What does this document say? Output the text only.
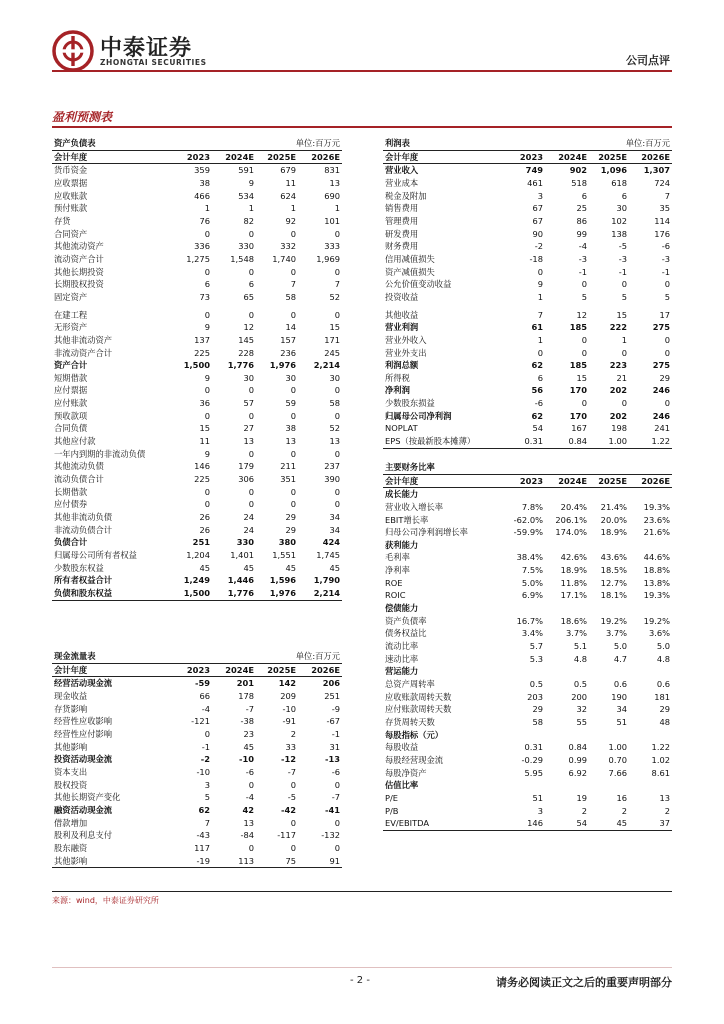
中泰证券
ZHONGTAI SECURITIES	公司点评
盈利预测表
资产负债表			单位:百万元	
会计年度	2023	2024E	2025E	2026E
货币资金	359	591	679	831
应收票据	38	9	11	13
应收账款	466	534	624	690
预付账款	1	1	1	1
存货	76	82	92	101
合同资产	0	0	0	0
其他流动资产	336	330	332	333
流动资产合计	1,275	1,548	1,740	1,969
其他长期投资	0	0	0	0
长期股权投资	6	6	7	7
固定资产	73	65	58	52

在建工程	0	0	0	0
无形资产	9	12	14	15
其他非流动资产	137	145	157	171
非流动资产合计	225	228	236	245
资产合计	1,500	1,776	1,976	2,214
短期借款	9	30	30	30
应付票据	0	0	0	0
应付账款	36	57	59	58
预收款项	0	0	0	0
合同负债	15	27	38	52
其他应付款	11	13	13	13
一年内到期的非流动负债	9	0	0	0
其他流动负债	146	179	211	237
流动负债合计	225	306	351	390
长期借款	0	0	0	0
应付债券	0	0	0	0
其他非流动负债	26	24	29	34
非流动负债合计	26	24	29	34
负债合计	251	330	380	424
归属母公司所有者权益	1,204	1,401	1,551	1,745
少数股东权益	45	45	45	45
所有者权益合计	1,249	1,446	1,596	1,790
负债和股东权益	1,500	1,776	1,976	2,214
利润表			单位:百万元	
会计年度	2023	2024E	2025E	2026E
营业收入	749	902	1,096	1,307
营业成本	461	518	618	724
税金及附加	3	6	6	7
销售费用	67	25	30	35
管理费用	67	86	102	114
研发费用	90	99	138	176
财务费用	-2	-4	-5	-6
信用减值损失	-18	-3	-3	-3
资产减值损失	0	-1	-1	-1
公允价值变动收益	9	0	0	0
投资收益	1	5	5	5

其他收益	7	12	15	17
营业利润	61	185	222	275
营业外收入	1	0	1	0
营业外支出	0	0	0	0
利润总额	62	185	223	275
所得税	6	15	21	29
净利润	56	170	202	246
少数股东损益	-6	0	0	0
归属母公司净利润	62	170	202	246
NOPLAT	54	167	198	241
EPS（按最新股本摊薄）	0.31	0.84	1.00	1.22

主要财务比率				
会计年度	2023	2024E	2025E	2026E
成长能力				
营业收入增长率	7.8%	20.4%	21.4%	19.3%
EBIT增长率	-62.0%	206.1%	20.0%	23.6%
归母公司净利润增长率	-59.9%	174.0%	18.9%	21.6%
获利能力				
毛利率	38.4%	42.6%	43.6%	44.6%
净利率	7.5%	18.9%	18.5%	18.8%
ROE	5.0%	11.8%	12.7%	13.8%
ROIC	6.9%	17.1%	18.1%	19.3%
偿债能力				
资产负债率	16.7%	18.6%	19.2%	19.2%
债务权益比	3.4%	3.7%	3.7%	3.6%
流动比率	5.7	5.1	5.0	5.0
速动比率	5.3	4.8	4.7	4.8
营运能力				
总资产周转率	0.5	0.5	0.6	0.6
应收账款周转天数	203	200	190	181
应付账款周转天数	29	32	34	29
存货周转天数	58	55	51	48
每股指标（元）				
每股收益	0.31	0.84	1.00	1.22
每股经营现金流	-0.29	0.99	0.70	1.02
每股净资产	5.95	6.92	7.66	8.61
估值比率				
P/E	51	19	16	13
P/B	3	2	2	2
EV/EBITDA	146	54	45	37
现金流量表			单位:百万元	
会计年度	2023	2024E	2025E	2026E
经营活动现金流	-59	201	142	206
现金收益	66	178	209	251
存货影响	-4	-7	-10	-9
经营性应收影响	-121	-38	-91	-67
经营性应付影响	0	23	2	-1
其他影响	-1	45	33	31
投资活动现金流	-2	-10	-12	-13
资本支出	-10	-6	-7	-6
股权投资	3	0	0	0
其他长期资产变化	5	-4	-5	-7
融资活动现金流	62	42	-42	-41
借款增加	7	13	0	0
股利及利息支付	-43	-84	-117	-132
股东融资	117	0	0	0
其他影响	-19	113	75	91
来源：wind，中泰证券研究所
- 2 -	请务必阅读正文之后的重要声明部分
